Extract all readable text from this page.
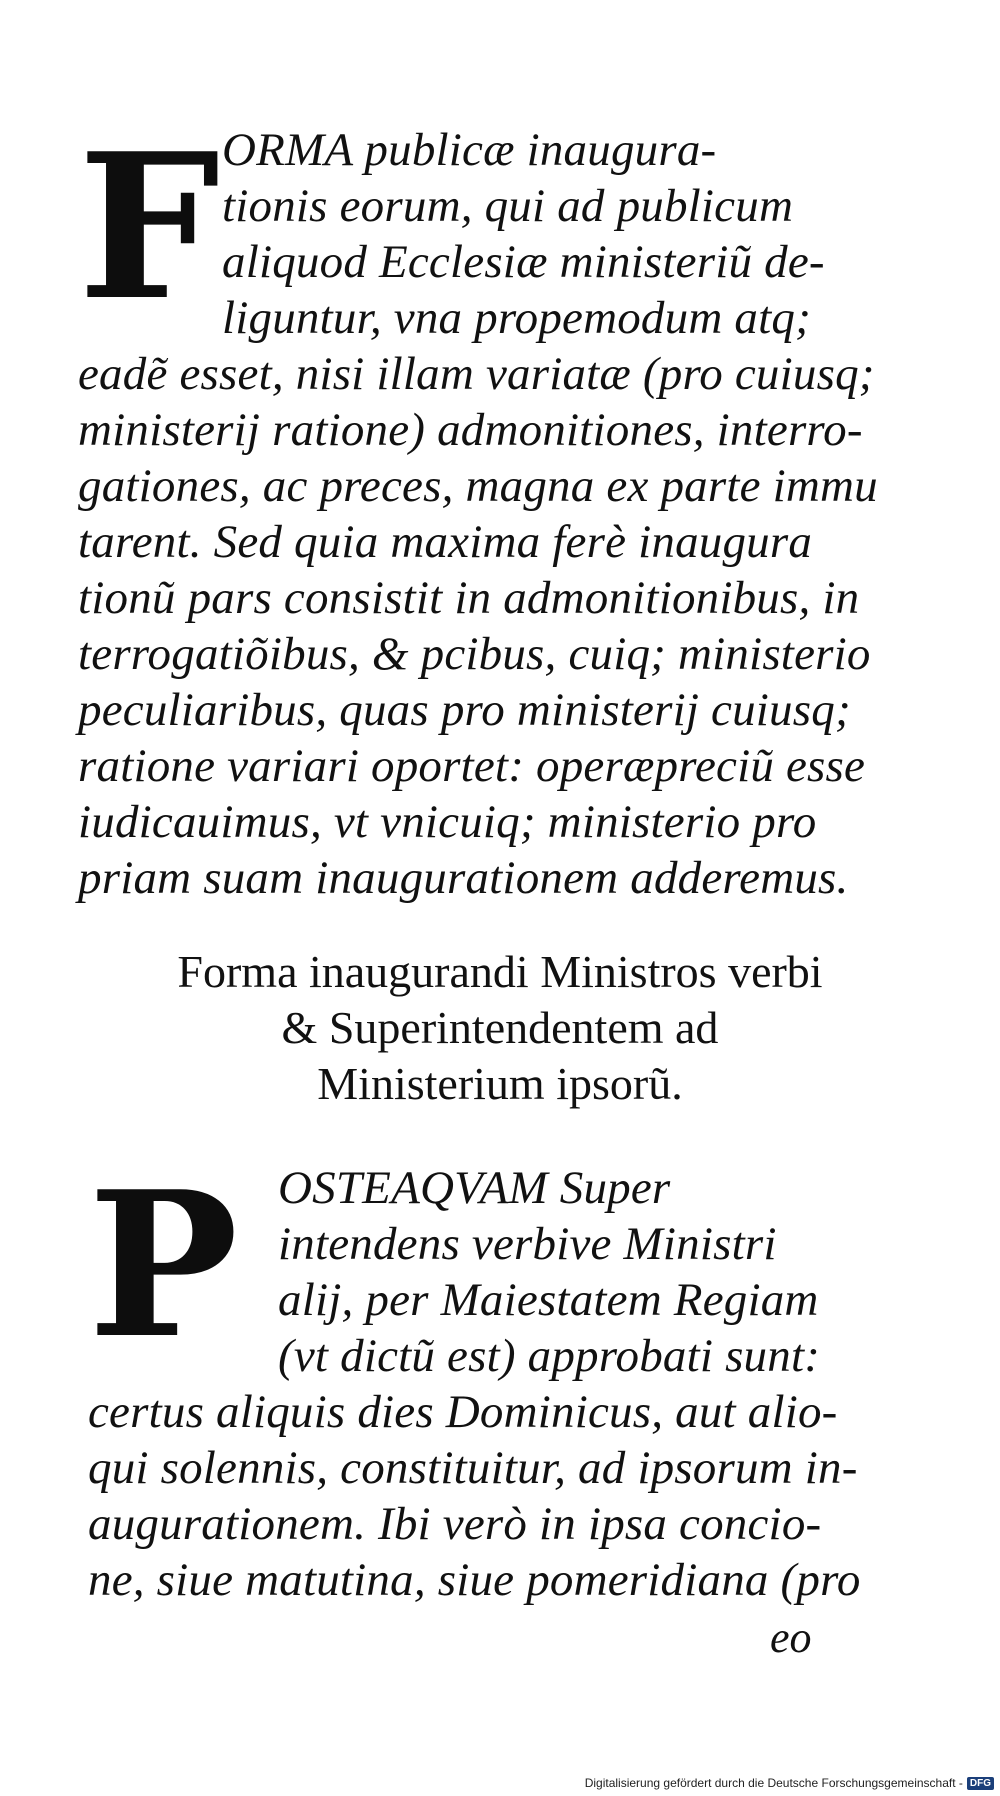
F ORMA publicæ inaugura-
tionis eorum, qui ad publicum
aliquod Ecclesiæ ministeriũ de-
liguntur, vna propemodum atq;
eadẽ esset, nisi illam variatæ (pro cuiusq;
ministerij ratione) admonitiones, interro-
gationes, ac preces, magna ex parte immu
tarent. Sed quia maxima ferè inaugura
tionũ pars consistit in admonitionibus, in
terrogatiõibus, & pcibus, cuiq; ministerio
peculiaribus, quas pro ministerij cuiusq;
ratione variari oportet: operæpreciũ esse
iudicauimus, vt vnicuiq; ministerio pro
priam suam inaugurationem adderemus.
Forma inaugurandi Ministros verbi
& Superintendentem ad
Ministerium ipsorũ.
P OSTEAQVAM Super
intendens verbive Ministri
alij, per Maiestatem Regiam
(vt dictũ est) approbati sunt:
certus aliquis dies Dominicus, aut alio-
qui solennis, constituitur, ad ipsorum in-
augurationem. Ibi verò in ipsa concio-
ne, siue matutina, siue pomeridiana (pro
eo
Digitalisierung gefördert durch die Deutsche Forschungsgemeinschaft - DFG
